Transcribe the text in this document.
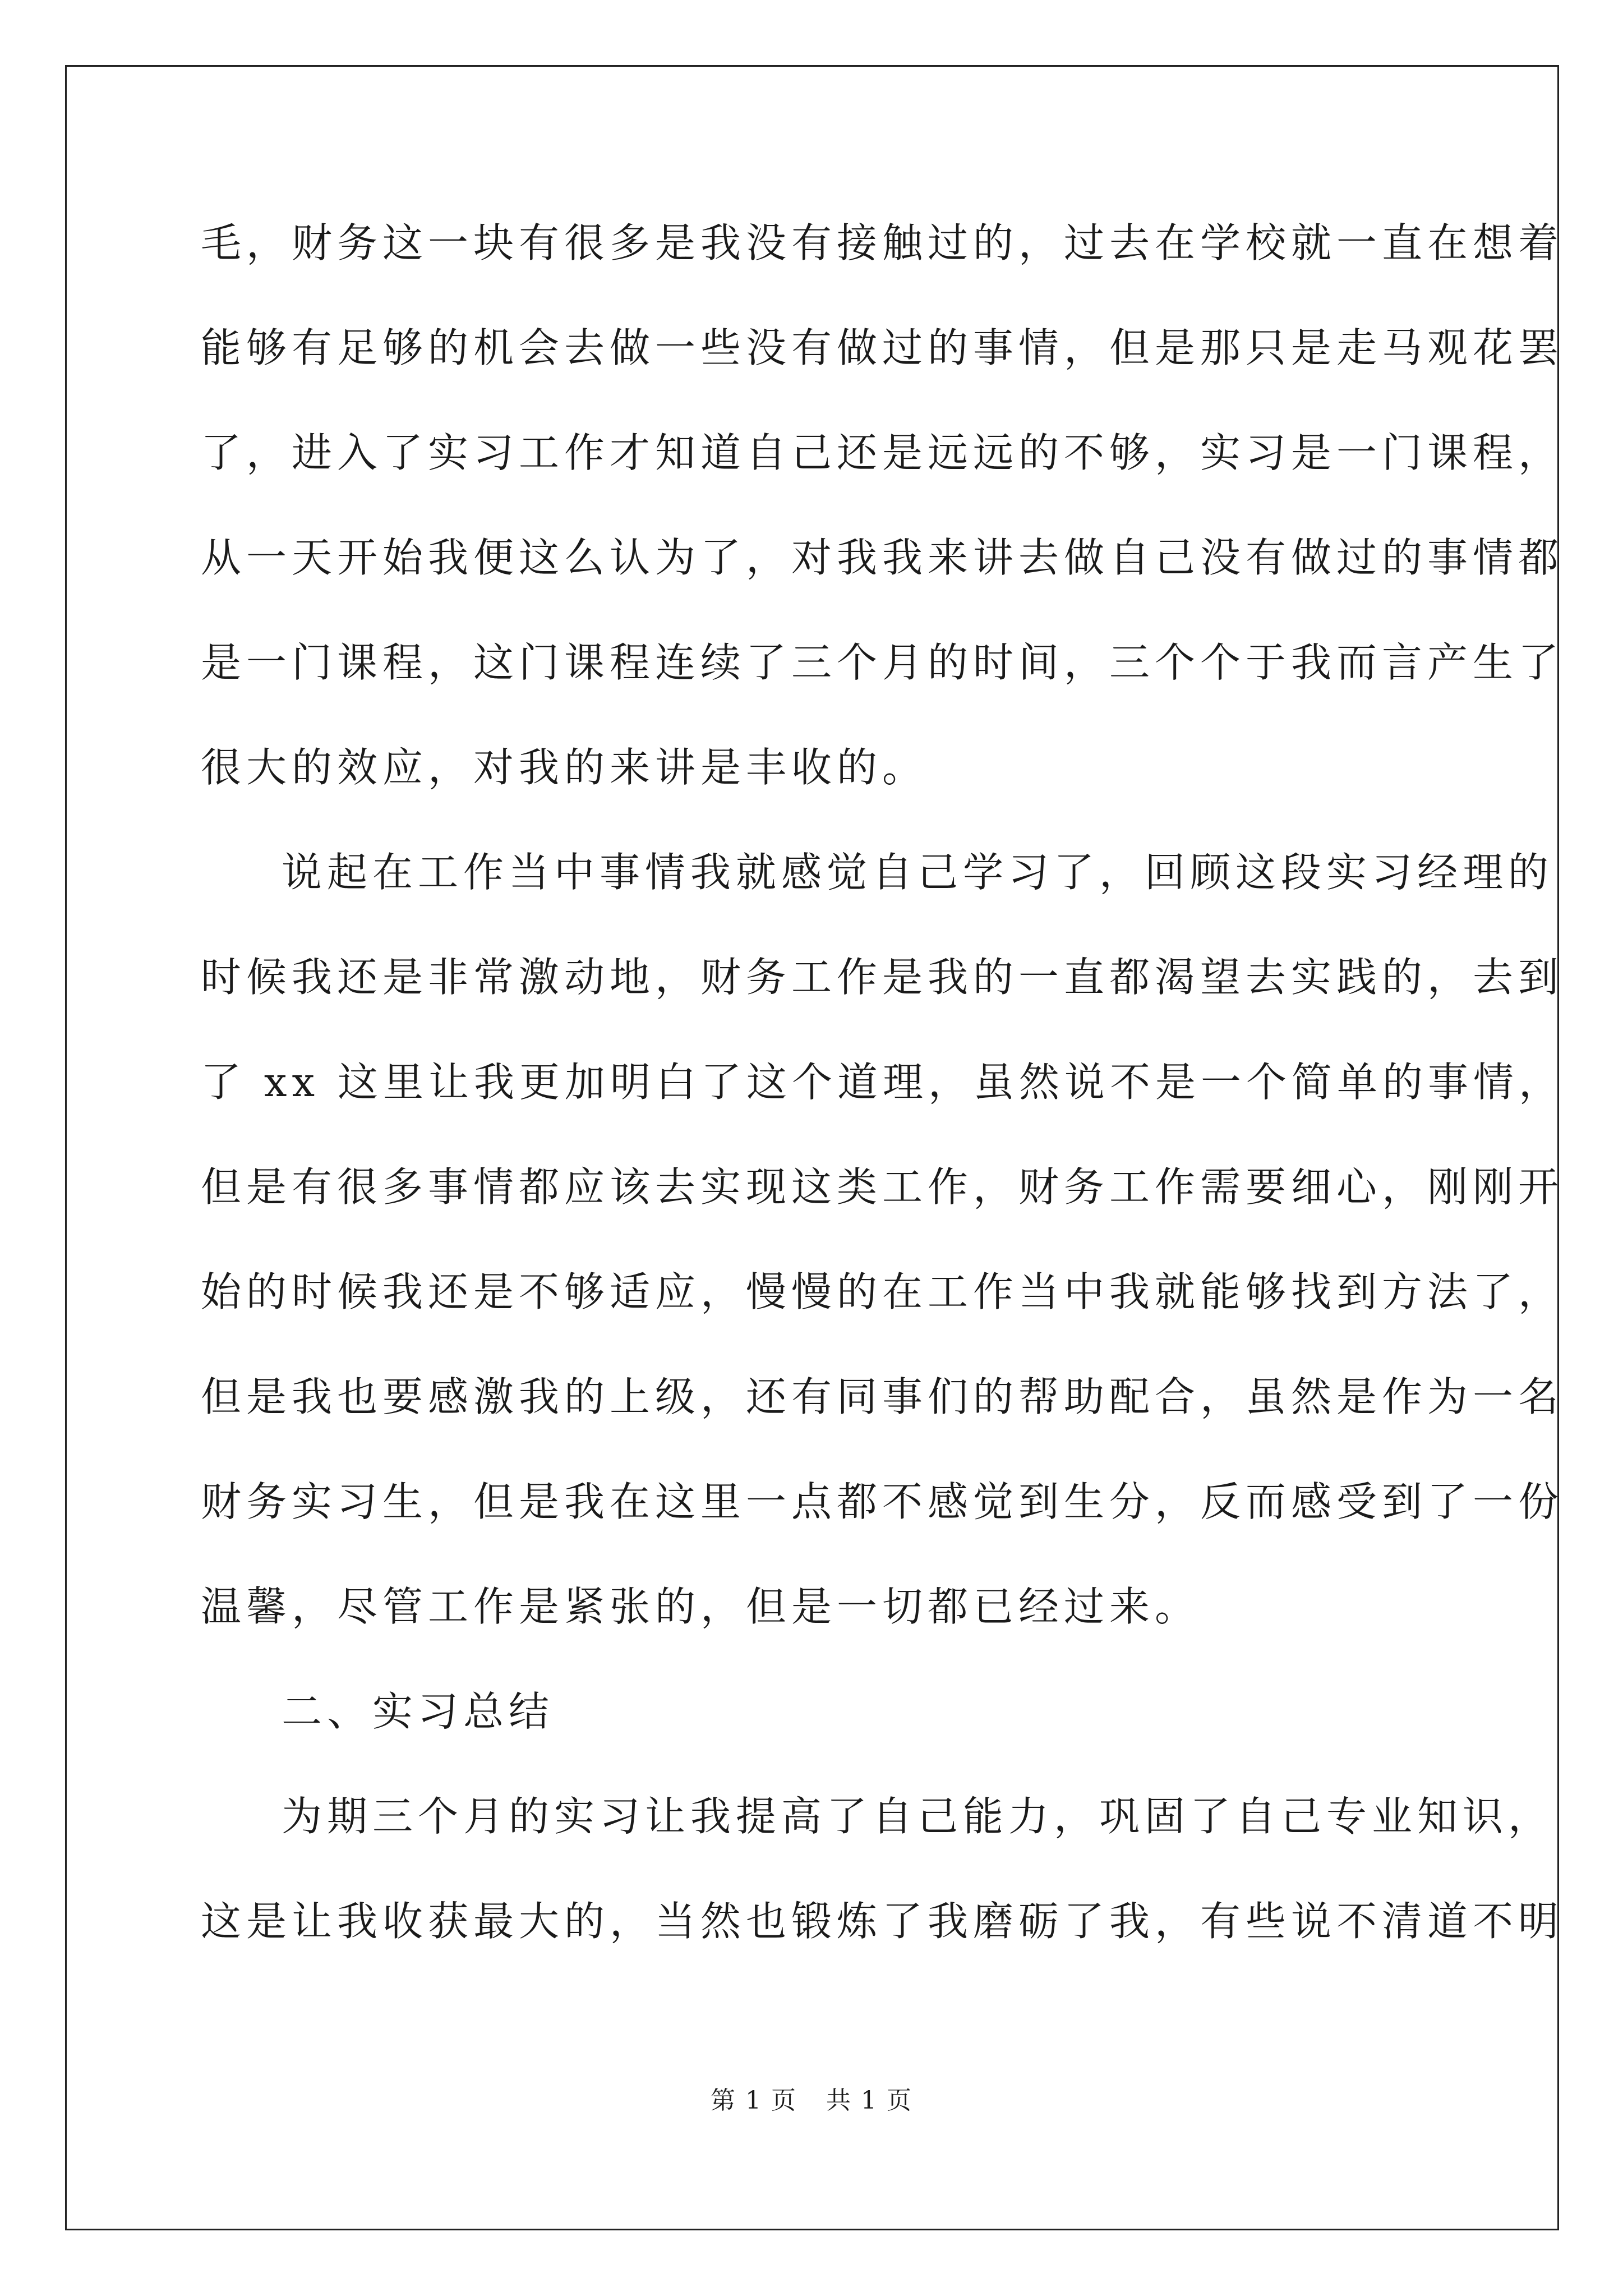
毛，财务这一块有很多是我没有接触过的，过去在学校就一直在想着
能够有足够的机会去做一些没有做过的事情，但是那只是走马观花罢
了，进入了实习工作才知道自己还是远远的不够，实习是一门课程，
从一天开始我便这么认为了，对我我来讲去做自己没有做过的事情都
是一门课程，这门课程连续了三个月的时间，三个个于我而言产生了
很大的效应，对我的来讲是丰收的。
说起在工作当中事情我就感觉自己学习了，回顾这段实习经理的
时候我还是非常激动地，财务工作是我的一直都渴望去实践的，去到
了 xx 这里让我更加明白了这个道理，虽然说不是一个简单的事情，
但是有很多事情都应该去实现这类工作，财务工作需要细心，刚刚开
始的时候我还是不够适应，慢慢的在工作当中我就能够找到方法了，
但是我也要感激我的上级，还有同事们的帮助配合，虽然是作为一名
财务实习生，但是我在这里一点都不感觉到生分，反而感受到了一份
温馨，尽管工作是紧张的，但是一切都已经过来。
二、实习总结
为期三个月的实习让我提高了自己能力，巩固了自己专业知识，
这是让我收获最大的，当然也锻炼了我磨砺了我，有些说不清道不明
第 1 页 共 1 页
